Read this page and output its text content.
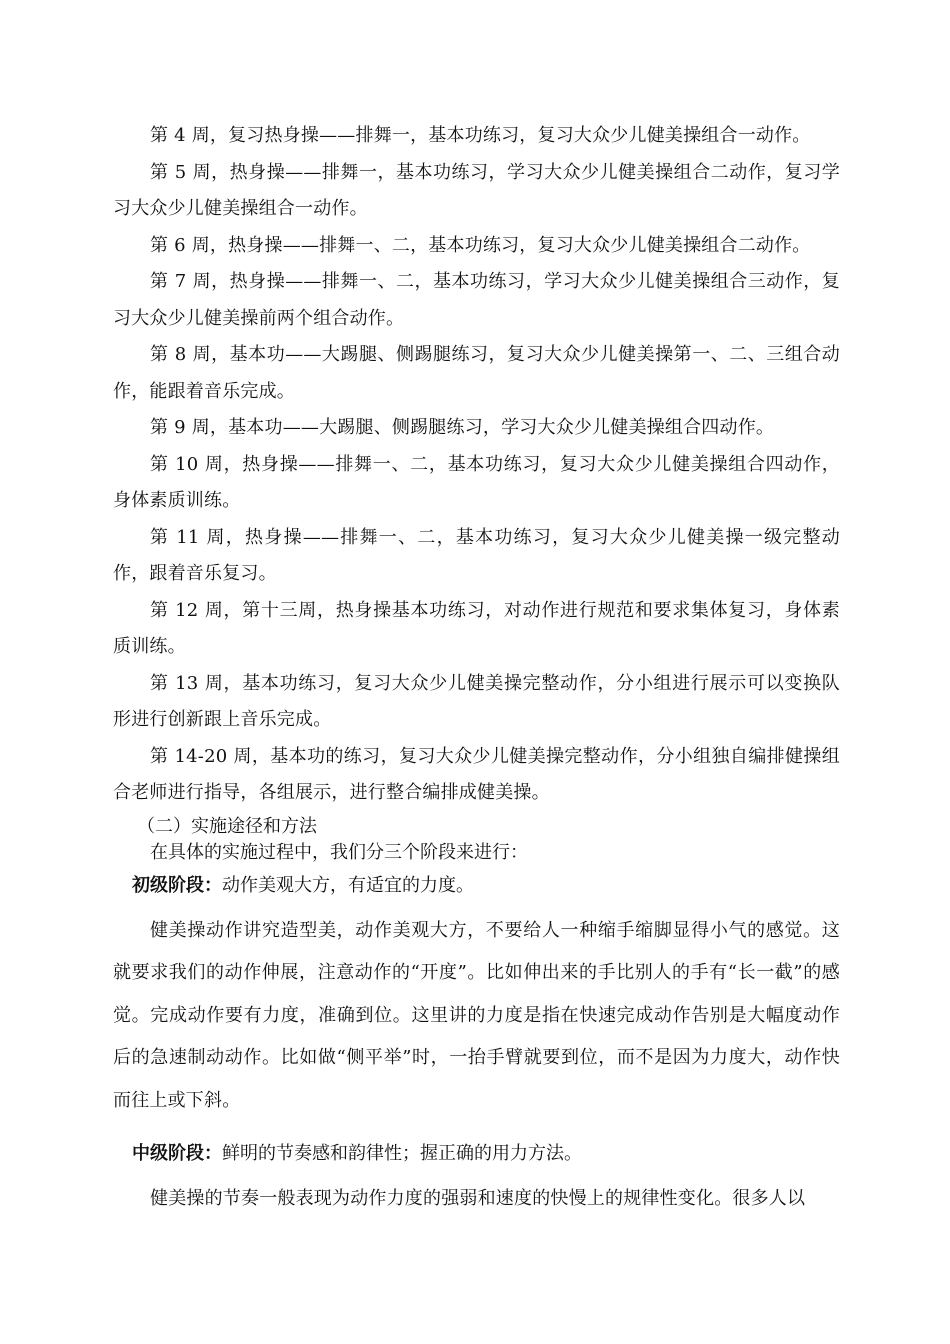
第 4 周，复习热身操——排舞一，基本功练习，复习大众少儿健美操组合一动作。

第 5 周，热身操——排舞一，基本功练习，学习大众少儿健美操组合二动作，复习学习大众少儿健美操组合一动作。

第 6 周，热身操——排舞一、二，基本功练习，复习大众少儿健美操组合二动作。

第 7 周，热身操——排舞一、二，基本功练习，学习大众少儿健美操组合三动作，复习大众少儿健美操前两个组合动作。

第 8 周，基本功——大踢腿、侧踢腿练习，复习大众少儿健美操第一、二、三组合动作，能跟着音乐完成。

第 9 周，基本功——大踢腿、侧踢腿练习，学习大众少儿健美操组合四动作。

第 10 周，热身操——排舞一、二，基本功练习，复习大众少儿健美操组合四动作，身体素质训练。

第 11 周，热身操——排舞一、二，基本功练习，复习大众少儿健美操一级完整动作，跟着音乐复习。

第 12 周，第十三周，热身操基本功练习，对动作进行规范和要求集体复习，身体素质训练。

第 13 周，基本功练习，复习大众少儿健美操完整动作，分小组进行展示可以变换队形进行创新跟上音乐完成。

第 14-20 周，基本功的练习，复习大众少儿健美操完整动作，分小组独自编排健操组合老师进行指导，各组展示，进行整合编排成健美操。

（二）实施途径和方法

在具体的实施过程中，我们分三个阶段来进行：

初级阶段：动作美观大方，有适宜的力度。

健美操动作讲究造型美，动作美观大方，不要给人一种缩手缩脚显得小气的感觉。这就要求我们的动作伸展，注意动作的“开度”。比如伸出来的手比别人的手有“长一截”的感觉。完成动作要有力度，准确到位。这里讲的力度是指在快速完成动作告别是大幅度动作后的急速制动动作。比如做“侧平举”时，一抬手臂就要到位，而不是因为力度大，动作快而往上或下斜。

中级阶段：鲜明的节奏感和韵律性；握正确的用力方法。

健美操的节奏一般表现为动作力度的强弱和速度的快慢上的规律性变化。很多人以
